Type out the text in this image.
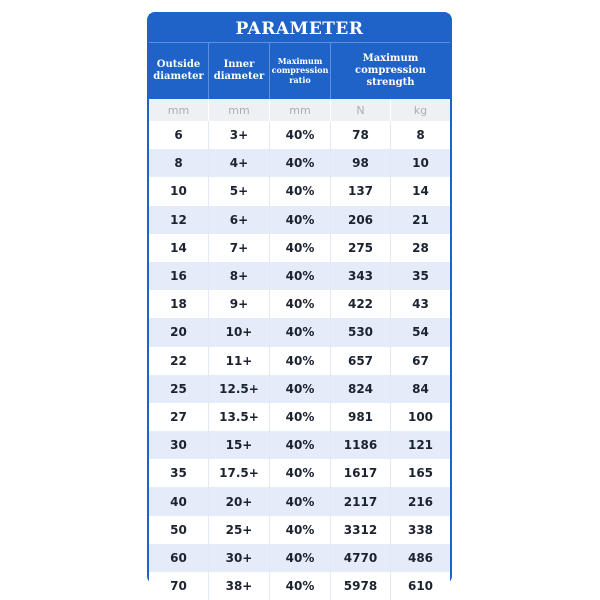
PARAMETER
Outside diameter
Inner diameter
Maximum compression ratio
Maximum compression strength
mm	mm	mm	N	kg
6	3+	40%	78	8
8	4+	40%	98	10
10	5+	40%	137	14
12	6+	40%	206	21
14	7+	40%	275	28
16	8+	40%	343	35
18	9+	40%	422	43
20	10+	40%	530	54
22	11+	40%	657	67
25	12.5+	40%	824	84
27	13.5+	40%	981	100
30	15+	40%	1186	121
35	17.5+	40%	1617	165
40	20+	40%	2117	216
50	25+	40%	3312	338
60	30+	40%	4770	486
70	38+	40%	5978	610
